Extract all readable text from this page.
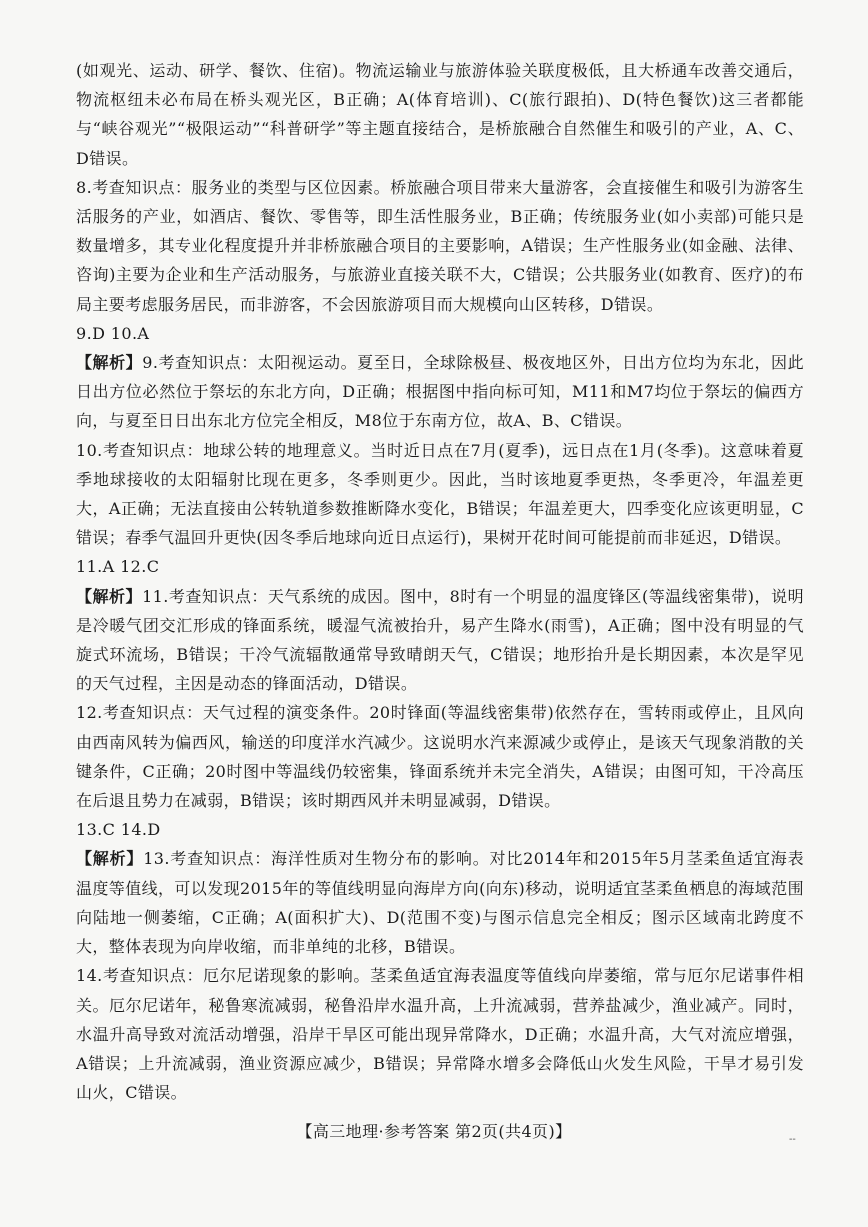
(如观光、运动、研学、餐饮、住宿)。物流运输业与旅游体验关联度极低，且大桥通车改善交通后，物流枢纽未必布局在桥头观光区，B正确；A(体育培训)、C(旅行跟拍)、D(特色餐饮)这三者都能与“峡谷观光”“极限运动”“科普研学”等主题直接结合，是桥旅融合自然催生和吸引的产业，A、C、D错误。

8.考查知识点：服务业的类型与区位因素。桥旅融合项目带来大量游客，会直接催生和吸引为游客生活服务的产业，如酒店、餐饮、零售等，即生活性服务业，B正确；传统服务业(如小卖部)可能只是数量增多，其专业化程度提升并非桥旅融合项目的主要影响，A错误；生产性服务业(如金融、法律、咨询)主要为企业和生产活动服务，与旅游业直接关联不大，C错误；公共服务业(如教育、医疗)的布局主要考虑服务居民，而非游客，不会因旅游项目而大规模向山区转移，D错误。

9.D 10.A

【解析】9.考查知识点：太阳视运动。夏至日，全球除极昼、极夜地区外，日出方位均为东北，因此日出方位必然位于祭坛的东北方向，D正确；根据图中指向标可知，M11和M7均位于祭坛的偏西方向，与夏至日日出东北方位完全相反，M8位于东南方位，故A、B、C错误。

10.考查知识点：地球公转的地理意义。当时近日点在7月(夏季)，远日点在1月(冬季)。这意味着夏季地球接收的太阳辐射比现在更多，冬季则更少。因此，当时该地夏季更热，冬季更冷，年温差更大，A正确；无法直接由公转轨道参数推断降水变化，B错误；年温差更大，四季变化应该更明显，C错误；春季气温回升更快(因冬季后地球向近日点运行)，果树开花时间可能提前而非延迟，D错误。

11.A 12.C

【解析】11.考查知识点：天气系统的成因。图中，8时有一个明显的温度锋区(等温线密集带)，说明是冷暖气团交汇形成的锋面系统，暖湿气流被抬升，易产生降水(雨雪)，A正确；图中没有明显的气旋式环流场，B错误；干冷气流辐散通常导致晴朗天气，C错误；地形抬升是长期因素，本次是罕见的天气过程，主因是动态的锋面活动，D错误。

12.考查知识点：天气过程的演变条件。20时锋面(等温线密集带)依然存在，雪转雨或停止，且风向由西南风转为偏西风，输送的印度洋水汽减少。这说明水汽来源减少或停止，是该天气现象消散的关键条件，C正确；20时图中等温线仍较密集，锋面系统并未完全消失，A错误；由图可知，干冷高压在后退且势力在减弱，B错误；该时期西风并未明显减弱，D错误。

13.C 14.D

【解析】13.考查知识点：海洋性质对生物分布的影响。对比2014年和2015年5月茎柔鱼适宜海表温度等值线，可以发现2015年的等值线明显向海岸方向(向东)移动，说明适宜茎柔鱼栖息的海域范围向陆地一侧萎缩，C正确；A(面积扩大)、D(范围不变)与图示信息完全相反；图示区域南北跨度不大，整体表现为向岸收缩，而非单纯的北移，B错误。

14.考查知识点：厄尔尼诺现象的影响。茎柔鱼适宜海表温度等值线向岸萎缩，常与厄尔尼诺事件相关。厄尔尼诺年，秘鲁寒流减弱，秘鲁沿岸水温升高，上升流减弱，营养盐减少，渔业减产。同时，水温升高导致对流活动增强，沿岸干旱区可能出现异常降水，D正确；水温升高，大气对流应增强，A错误；上升流减弱，渔业资源应减少，B错误；异常降水增多会降低山火发生风险，干旱才易引发山火，C错误。

【高三地理·参考答案 第2页(共4页)】	--
